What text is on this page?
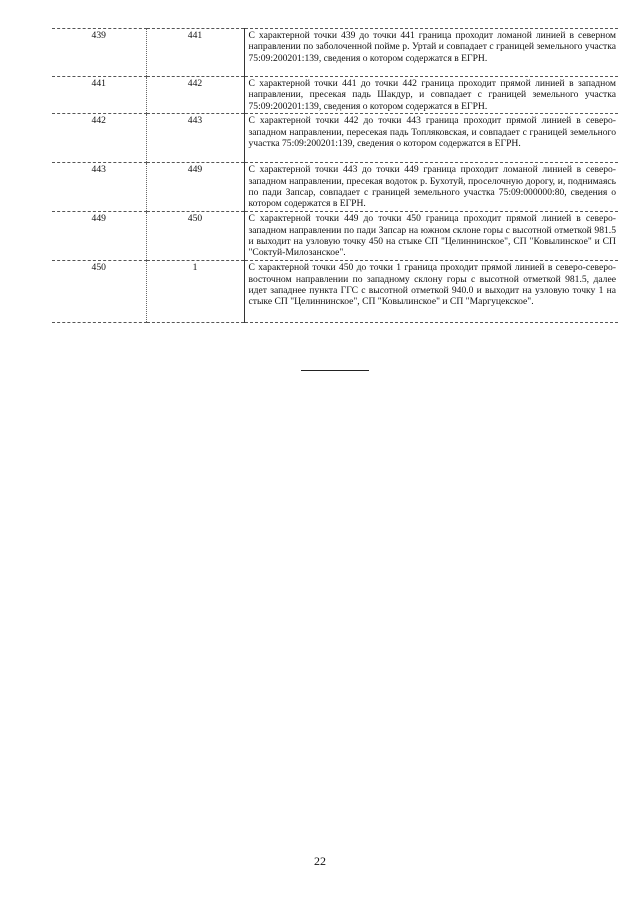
439	441	С характерной точки 439 до точки 441 граница проходит ломаной линией в северном направлении по заболоченной пойме р. Уртай и совпадает с границей земельного участка 75:09:200201:139, сведения о котором содержатся в ЕГРН.
441	442	С характерной точки 441 до точки 442 граница проходит прямой линией в западном направлении, пресекая падь Шакдур, и совпадает с границей земельного участка 75:09:200201:139, сведения о котором содержатся в ЕГРН.
442	443	С характерной точки 442 до точки 443 граница проходит прямой линией в северо-западном направлении, пересекая падь Топляковская, и совпадает с границей земельного участка 75:09:200201:139, сведения о котором содержатся в ЕГРН.
443	449	С характерной точки 443 до точки 449 граница проходит ломаной линией в северо-западном направлении, пресекая водоток р. Бухотуй, проселочную дорогу, и, поднимаясь по пади Запсар, совпадает с границей земельного участка 75:09:000000:80, сведения о котором содержатся в ЕГРН.
449	450	С характерной точки 449 до точки 450 граница проходит прямой линией в северо-западном направлении по пади Запсар на южном склоне горы с высотной отметкой 981.5 и выходит на узловую точку 450 на стыке СП "Целиннинское", СП "Ковылинское" и СП "Соктуй-Милозанское".
450	1	С характерной точки 450 до точки 1 граница проходит прямой линией в северо-северо-восточном направлении по западному склону горы с высотной отметкой 981.5, далее идет западнее пункта ГГС с высотной отметкой 940.0 и выходит на узловую точку 1 на стыке СП "Целиннинское", СП "Ковылинское" и СП "Маргуцекское".
22
